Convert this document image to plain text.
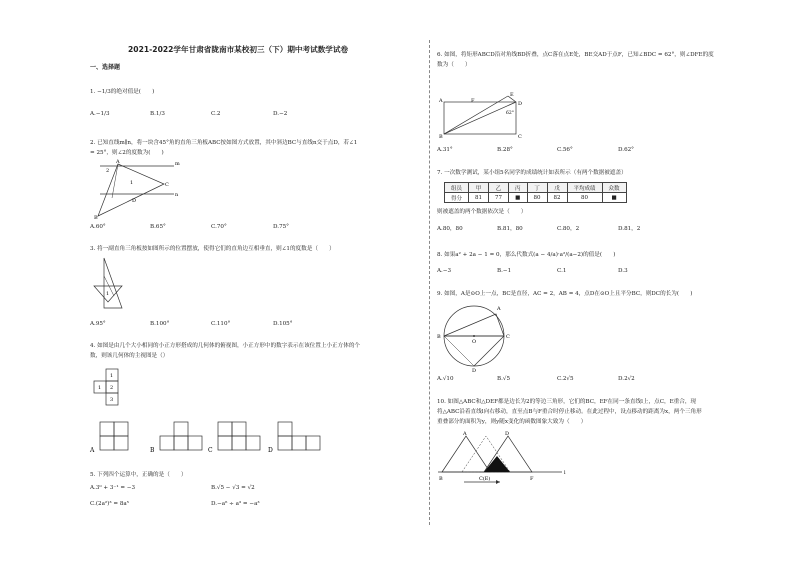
2021-2022学年甘肃省陇南市某校初三（下）期中考试数学试卷
一、选择题
1. −1/3的绝对值是(　　)
A.−1/3	B.1/3	C.2	D.−2
2. 已知直线m∥n，将一块含45°角的直角三角板ABC按如图方式放置，其中斜边BC与直线n交于点D，若∠1
= 25°，则∠2的度数为(　　)
A	m
2
1	C
n
D
B
A.60°	B.65°	C.70°	D.75°
3. 将一副直角三角板按如图所示的位置摆放，使得它们的直角边互相垂直，则∠1的度数是（　　）
1
A.95°	B.100°	C.110°	D.105°
4. 如图是由几个大小相同的小正方形搭成的几何体的俯视图，小正方形中的数字表示在该位置上小正方体的个
数，则该几何体的主视图是（）
1
1 2
3
A	B	C	D
5. 下列四个运算中，正确的是（　　）
A.3⁰ + 3⁻¹ = −3	B.√5 − √3 = √2
C.(2a²)³ = 8a⁵	D.−a⁶ ÷ a³ = −a³
6. 如图，将矩形ABCD沿对角线BD折叠，点C落在点E处，BE交AD于点F，已知∠BDC = 62°，则∠DFE的度
数为（　　）
A	F	D
B	C
E
62°
A.31°	B.28°	C.56°	D.62°
7. 一次数学测试，某小组5名同学的成绩统计如表所示（有两个数据被遮盖）
组员	甲	乙	丙	丁	戊	平均成绩	众数
得分	81	77	■	80	82	80	■
则被遮盖的两个数据依次是（　　）
A.80，80	B.81，80	C.80，2	D.81，2
8. 如果a² + 2a − 1 = 0，那么代数式(a − 4/a)·a²/(a−2)的值是(　　)
A.−3	B.−1	C.1	D.3
9. 如图，A是⊙O上一点，BC是直径，AC = 2，AB = 4，点D在⊙O上且平分BC，则DC的长为(　　)
A
B	C
O
D
A.√10	B.√5	C.2√5	D.2√2
10. 如图△ABC和△DEF都是边长为2的等边三角形，它们的BC，EF在同一条直线l上，点C，E重合，现
将△ABC沿着直线l向右移动，直至点B与F重合时停止移动。在此过程中，设点移动的距离为x，两个三角形
重叠部分的面积为y，则y随x变化的函数图象大致为（　　）
A	D
B	C(E)	F
l
